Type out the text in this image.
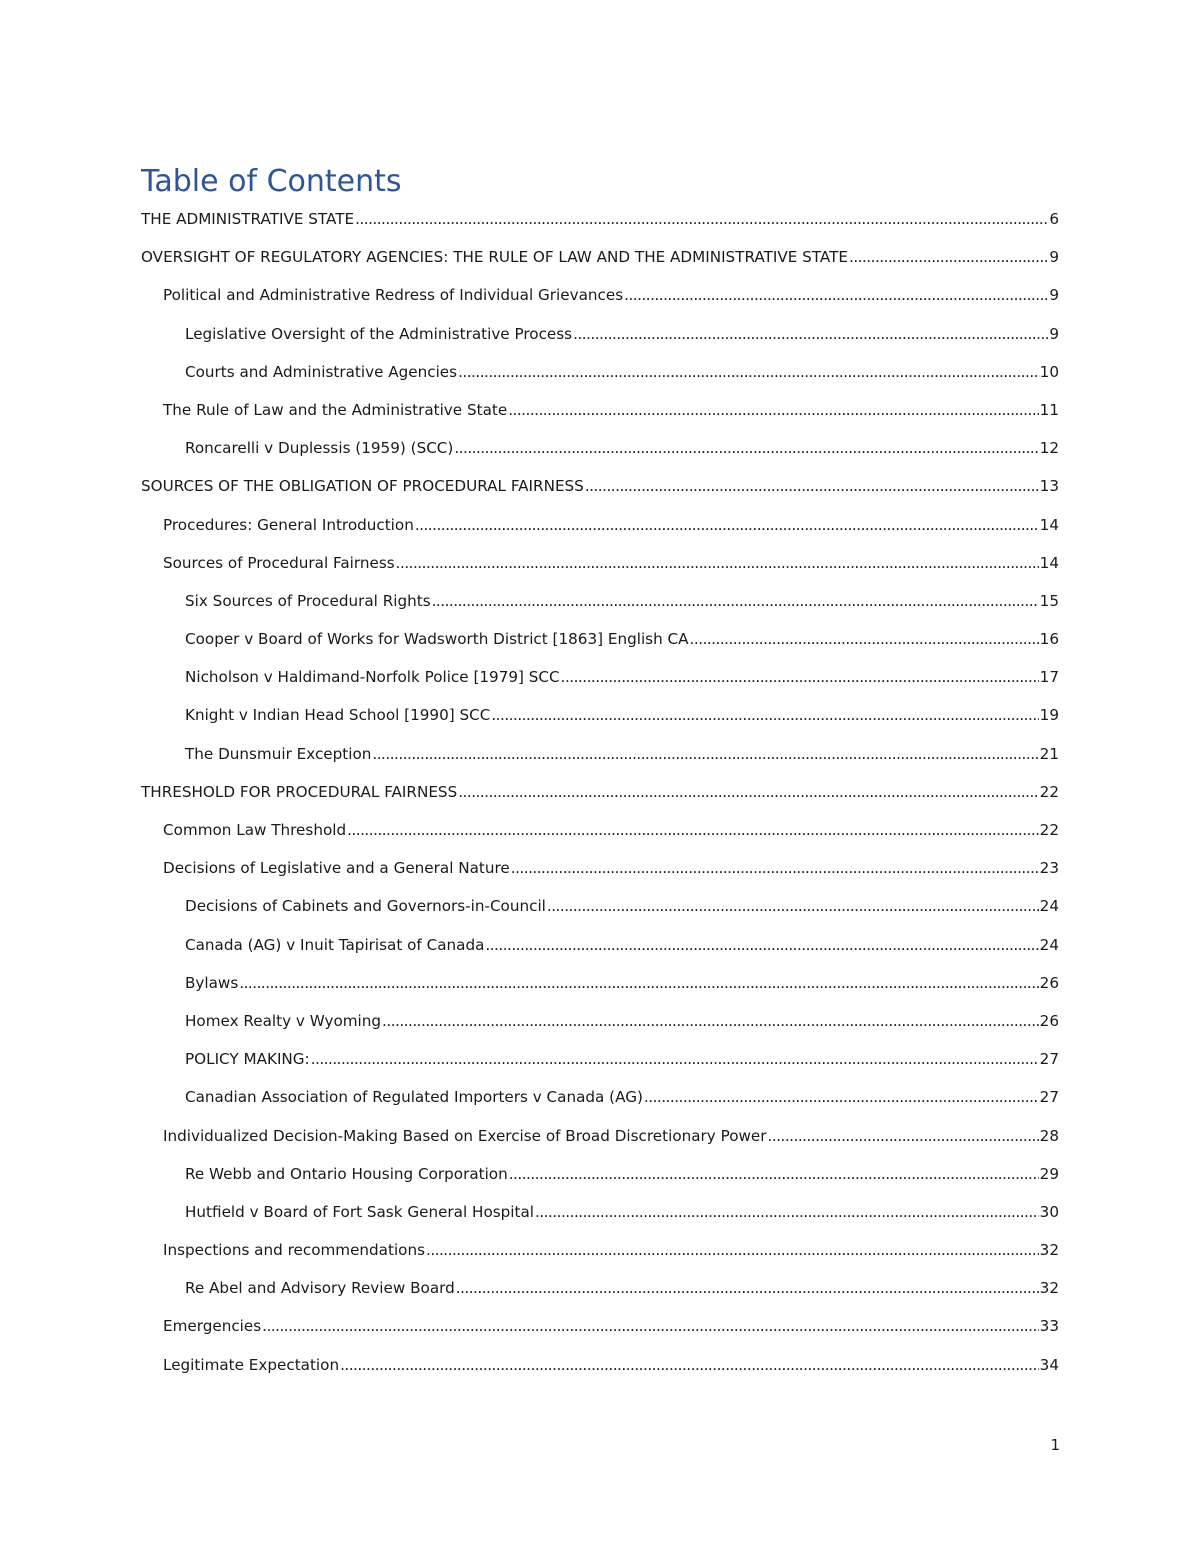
Table of Contents
THE ADMINISTRATIVE STATE .....	6
OVERSIGHT OF REGULATORY AGENCIES: THE RULE OF LAW AND THE ADMINISTRATIVE STATE .....	9
Political and Administrative Redress of Individual Grievances .....	9
Legislative Oversight of the Administrative Process .....	9
Courts and Administrative Agencies .....	10
The Rule of Law and the Administrative State .....	11
Roncarelli v Duplessis (1959) (SCC) .....	12
SOURCES OF THE OBLIGATION OF PROCEDURAL FAIRNESS .....	13
Procedures: General Introduction .....	14
Sources of Procedural Fairness .....	14
Six Sources of Procedural Rights .....	15
Cooper v Board of Works for Wadsworth District [1863] English CA .....	16
Nicholson v Haldimand-Norfolk Police [1979] SCC .....	17
Knight v Indian Head School [1990] SCC .....	19
The Dunsmuir Exception .....	21
THRESHOLD FOR PROCEDURAL FAIRNESS .....	22
Common Law Threshold .....	22
Decisions of Legislative and a General Nature .....	23
Decisions of Cabinets and Governors-in-Council .....	24
Canada (AG) v Inuit Tapirisat of Canada .....	24
Bylaws .....	26
Homex Realty v Wyoming .....	26
POLICY MAKING: .....	27
Canadian Association of Regulated Importers v Canada (AG) .....	27
Individualized Decision-Making Based on Exercise of Broad Discretionary Power .....	28
Re Webb and Ontario Housing Corporation .....	29
Hutfield v Board of Fort Sask General Hospital .....	30
Inspections and recommendations .....	32
Re Abel and Advisory Review Board .....	32
Emergencies .....	33
Legitimate Expectation .....	34
1
